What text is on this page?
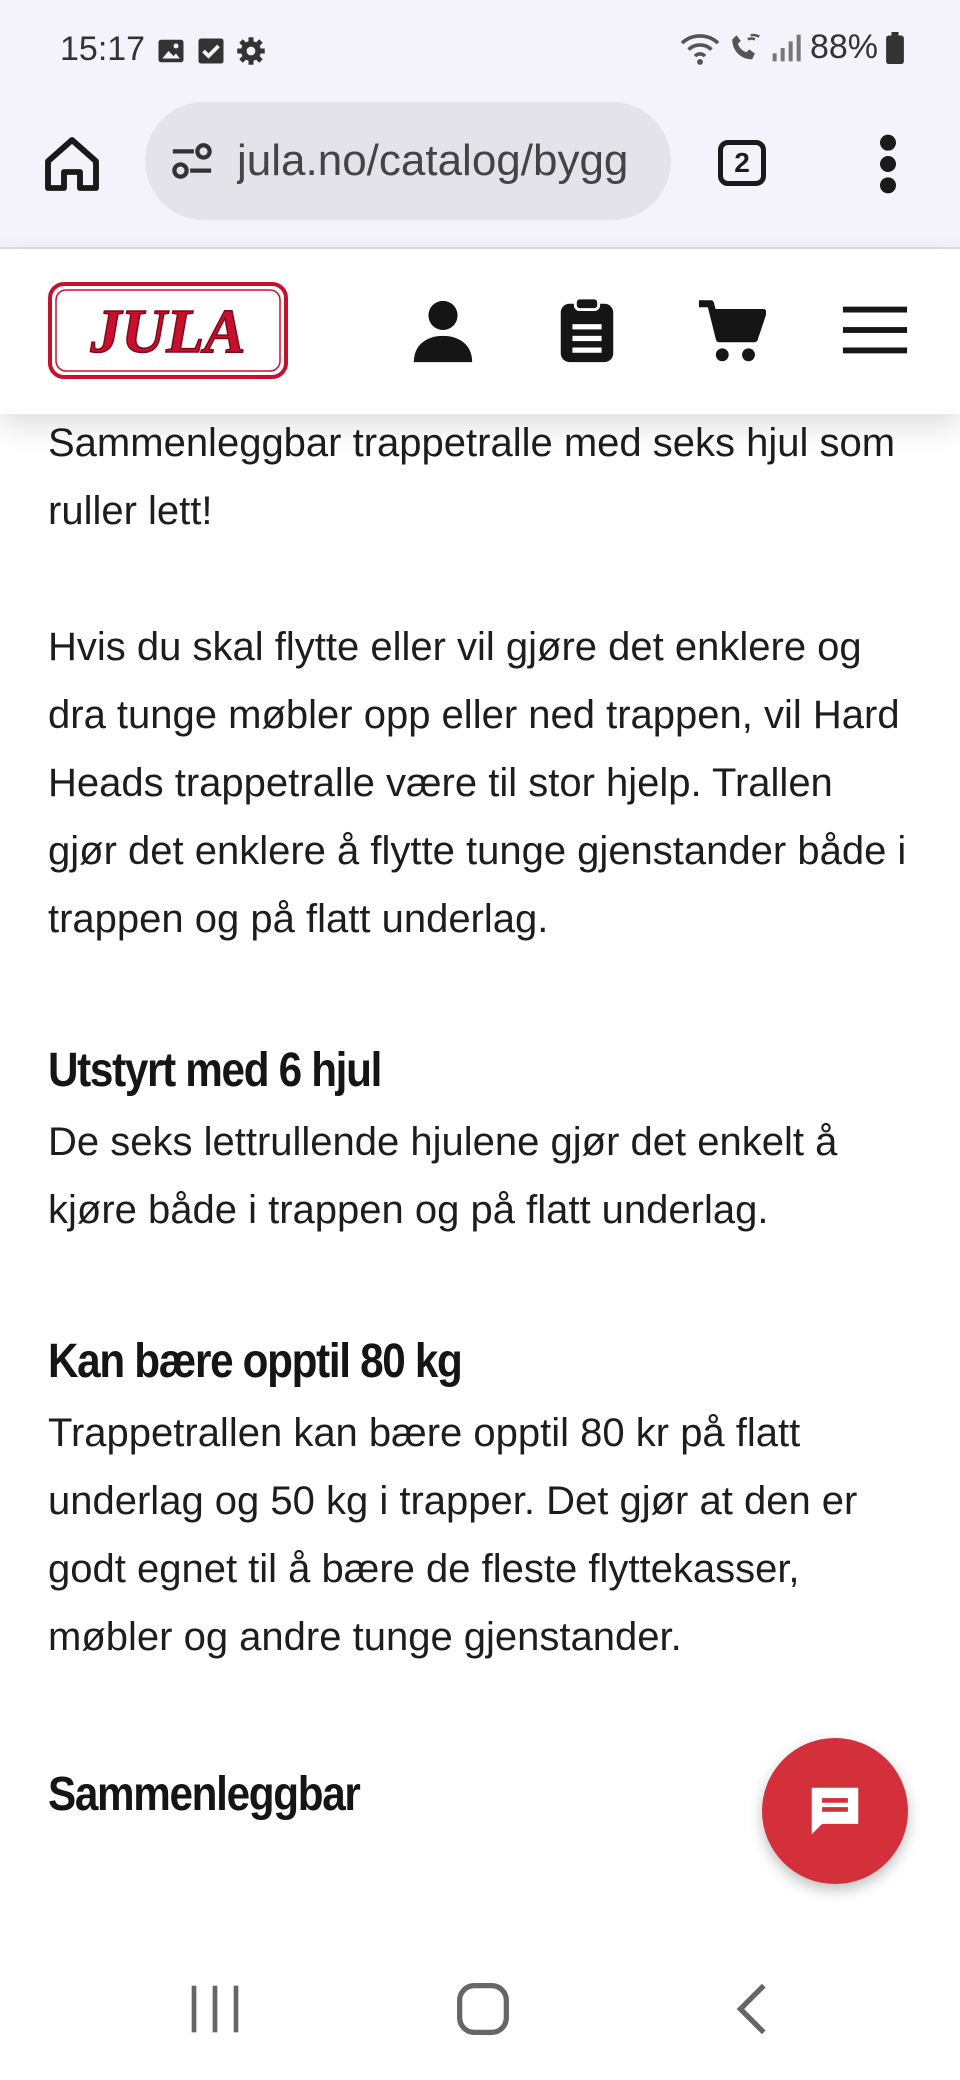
15:17	88%
jula.no/catalog/bygg	2
JULA

Sammenleggbar trappetralle med seks hjul som ruller lett!

Hvis du skal flytte eller vil gjøre det enklere og dra tunge møbler opp eller ned trappen, vil Hard Heads trappetralle være til stor hjelp. Trallen gjør det enklere å flytte tunge gjenstander både i trappen og på flatt underlag.

Utstyrt med 6 hjul

De seks lettrullende hjulene gjør det enkelt å kjøre både i trappen og på flatt underlag.

Kan bære opptil 80 kg

Trappetrallen kan bære opptil 80 kr på flatt underlag og 50 kg i trapper. Det gjør at den er godt egnet til å bære de fleste flyttekasser, møbler og andre tunge gjenstander.

Sammenleggbar
